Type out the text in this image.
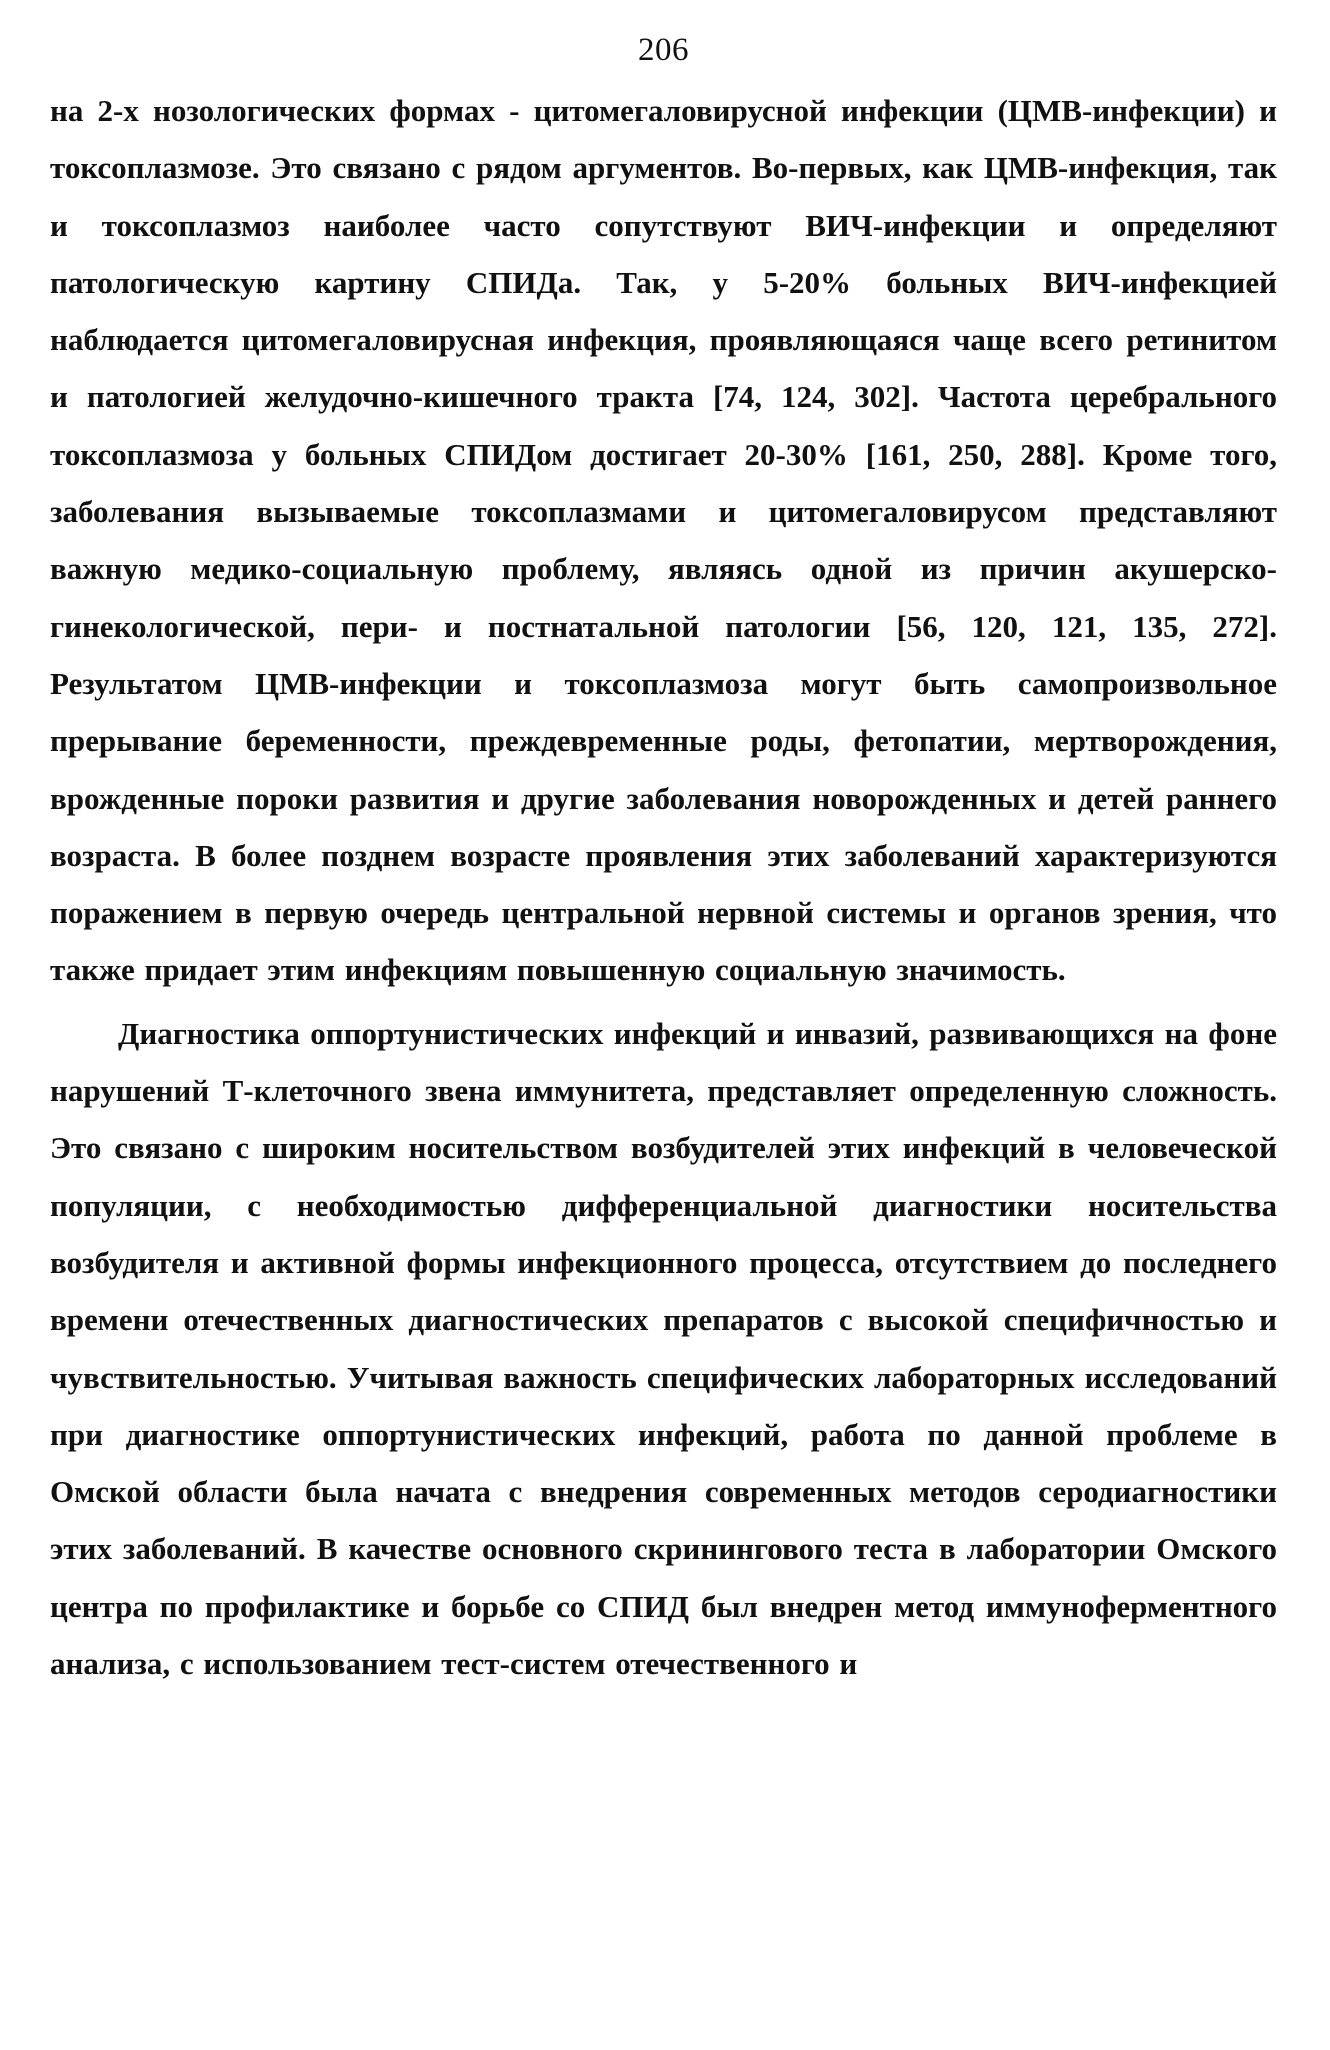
206

на 2-х нозологических формах - цитомегаловирусной инфекции (ЦМВ-инфекции) и токсоплазмозе. Это связано с рядом аргументов. Во-первых, как ЦМВ-инфекция, так и токсоплазмоз наиболее часто сопутствуют ВИЧ-инфекции и определяют патологическую картину СПИДа. Так, у 5-20% больных ВИЧ-инфекцией наблюдается цитомегаловирусная инфекция, проявляющаяся чаще всего ретинитом и патологией желудочно-кишечного тракта [74, 124, 302]. Частота церебрального токсоплазмоза у больных СПИДом достигает 20-30% [161, 250, 288]. Кроме того, заболевания вызываемые токсоплазмами и цитомегаловирусом представляют важную медико-социальную проблему, являясь одной из причин акушерско-гинекологической, пери- и постнатальной патологии [56, 120, 121, 135, 272]. Результатом ЦМВ-инфекции и токсоплазмоза могут быть самопроизвольное прерывание беременности, преждевременные роды, фетопатии, мертворождения, врожденные пороки развития и другие заболевания новорожденных и детей раннего возраста. В более позднем возрасте проявления этих заболеваний характеризуются поражением в первую очередь центральной нервной системы и органов зрения, что также придает этим инфекциям повышенную социальную значимость.

Диагностика оппортунистических инфекций и инвазий, развивающихся на фоне нарушений Т-клеточного звена иммунитета, представляет определенную сложность. Это связано с широким носительством возбудителей этих инфекций в человеческой популяции, с необходимостью дифференциальной диагностики носительства возбудителя и активной формы инфекционного процесса, отсутствием до последнего времени отечественных диагностических препаратов с высокой специфичностью и чувствительностью. Учитывая важность специфических лабораторных исследований при диагностике оппортунистических инфекций, работа по данной проблеме в Омской области была начата с внедрения современных методов серодиагностики этих заболеваний. В качестве основного скринингового теста в лаборатории Омского центра по профилактике и борьбе со СПИД был внедрен метод иммуноферментного анализа, с использованием тест-систем отечественного и
